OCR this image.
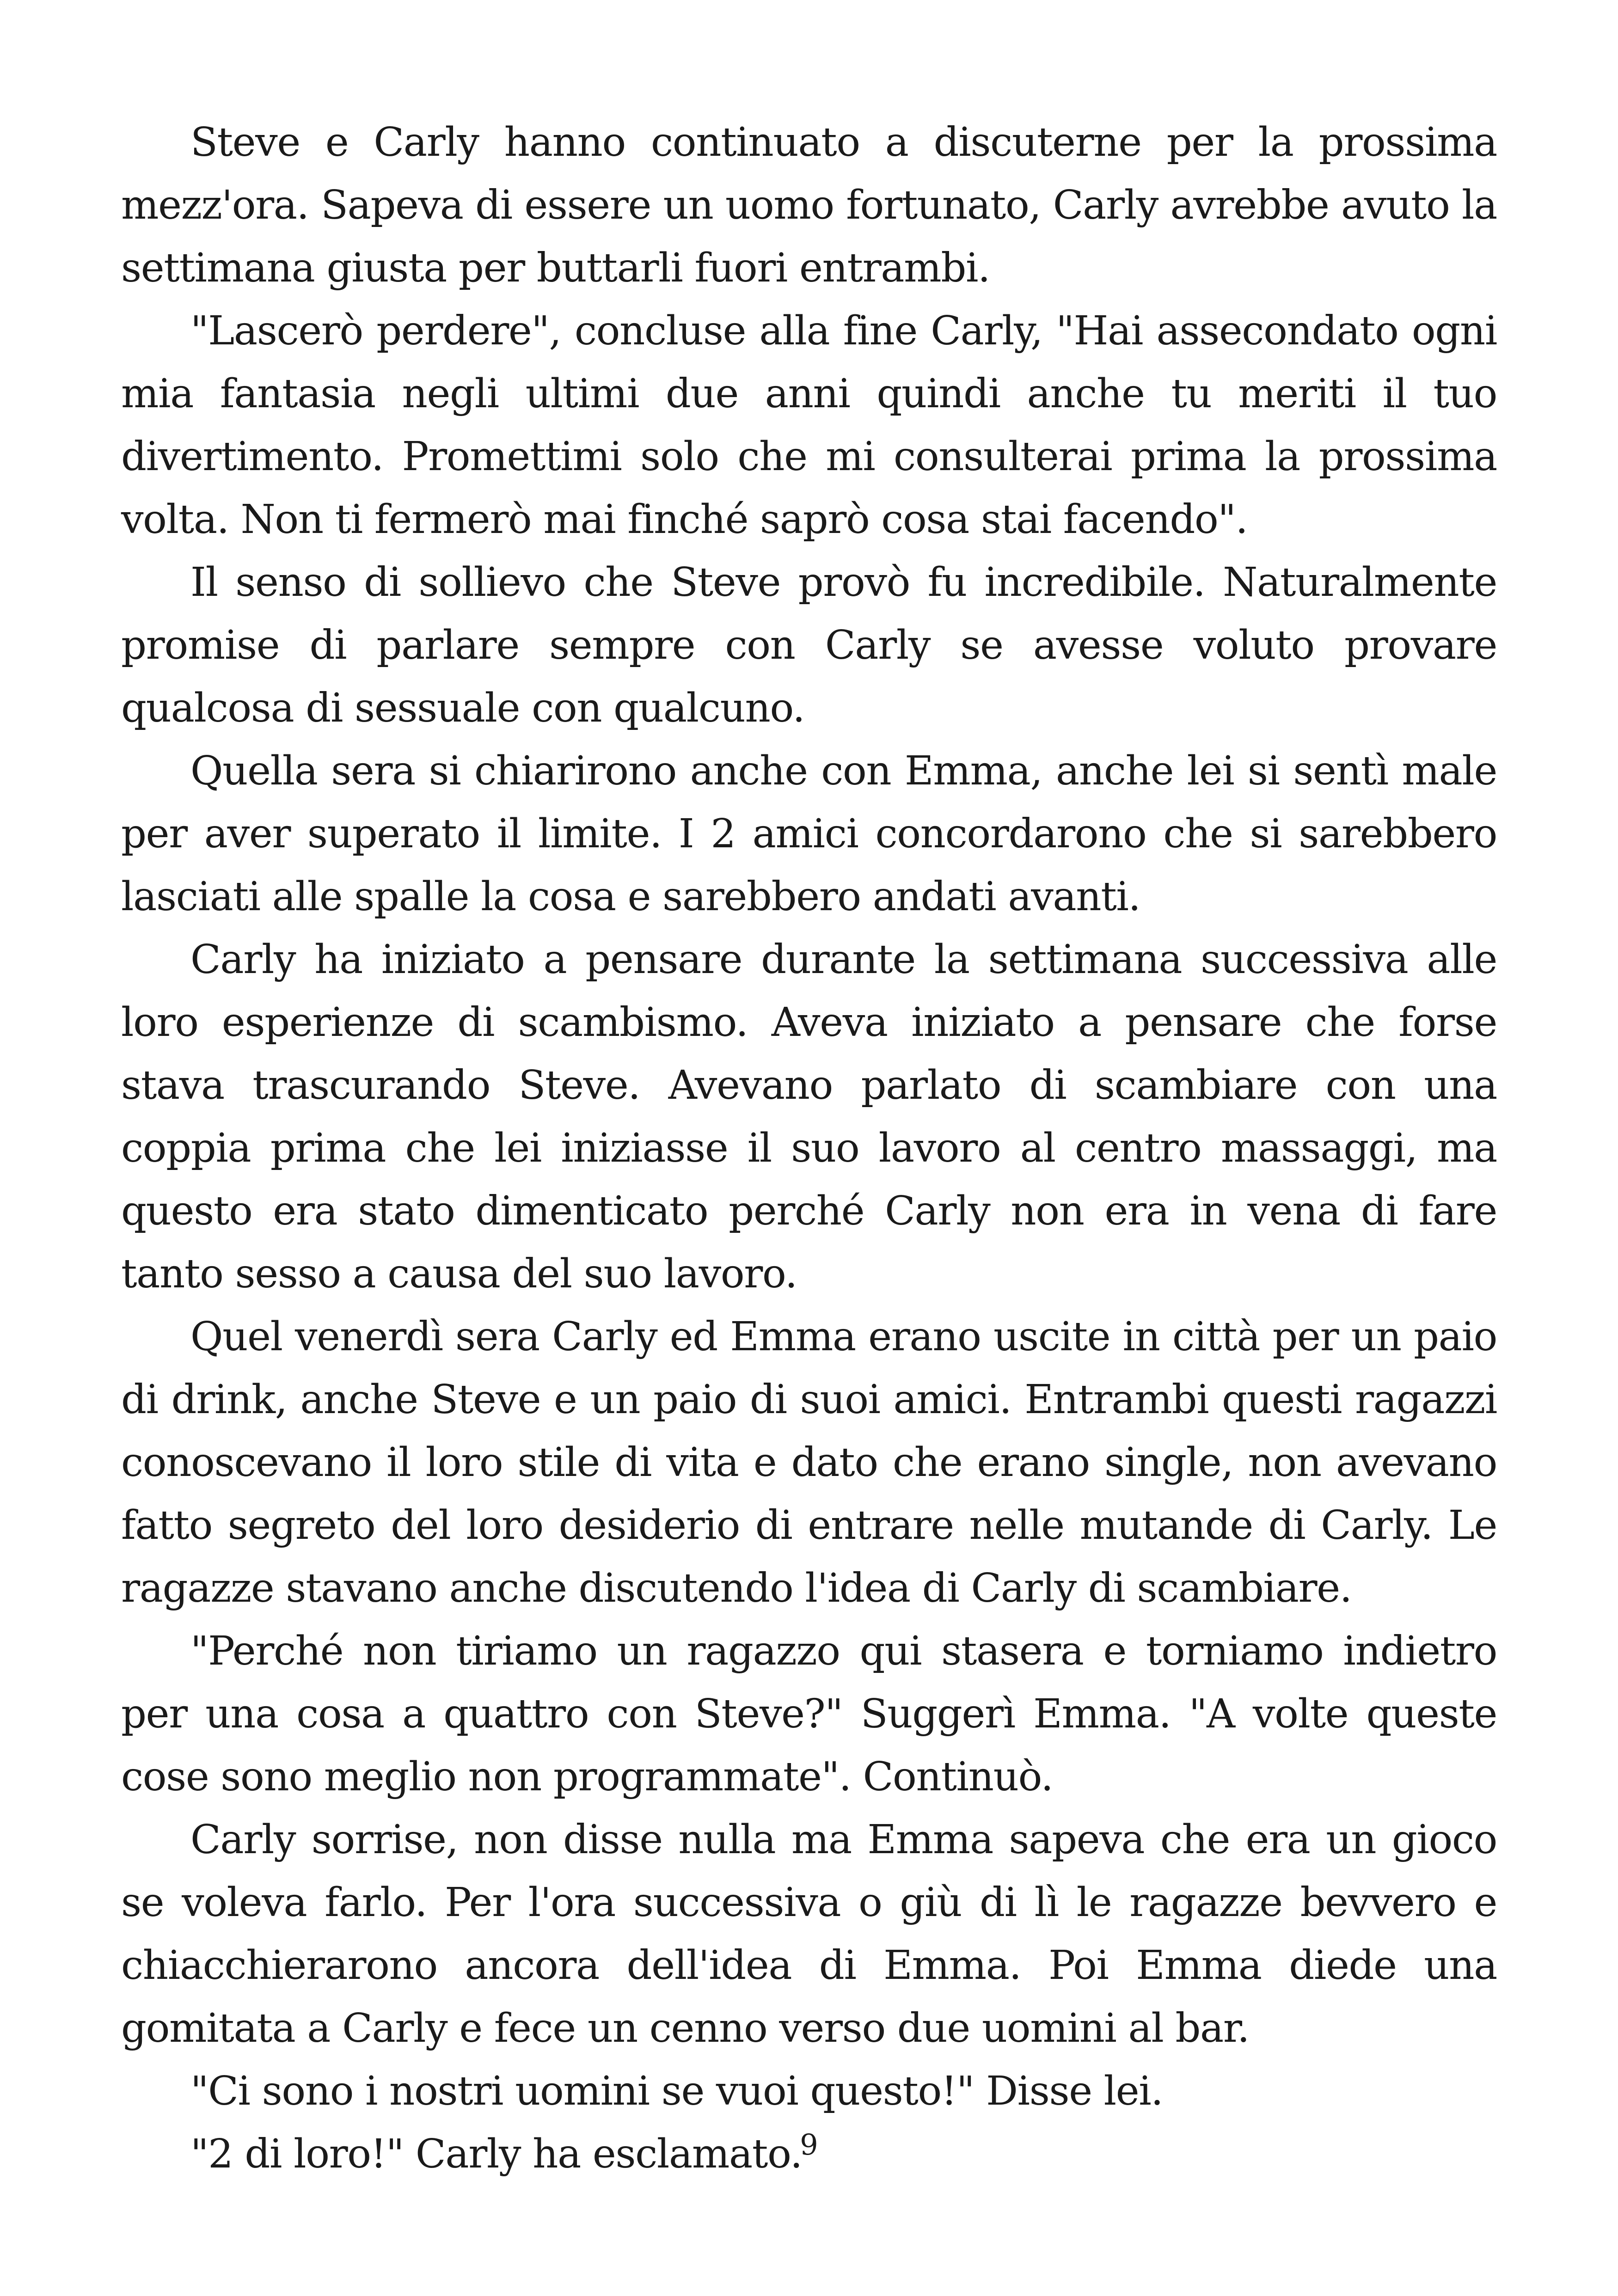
Steve e Carly hanno continuato a discuterne per la prossima mezz'ora. Sapeva di essere un uomo fortunato, Carly avrebbe avuto la settimana giusta per buttarli fuori entrambi.

"Lascerò perdere", concluse alla fine Carly, "Hai assecondato ogni mia fantasia negli ultimi due anni quindi anche tu meriti il tuo divertimento. Promettimi solo che mi consulterai prima la prossima volta. Non ti fermerò mai finché saprò cosa stai facendo".

Il senso di sollievo che Steve provò fu incredibile. Naturalmente promise di parlare sempre con Carly se avesse voluto provare qualcosa di sessuale con qualcuno.

Quella sera si chiarirono anche con Emma, anche lei si sentì male per aver superato il limite. I 2 amici concordarono che si sarebbero lasciati alle spalle la cosa e sarebbero andati avanti.

Carly ha iniziato a pensare durante la settimana successiva alle loro esperienze di scambismo. Aveva iniziato a pensare che forse stava trascurando Steve. Avevano parlato di scambiare con una coppia prima che lei iniziasse il suo lavoro al centro massaggi, ma questo era stato dimenticato perché Carly non era in vena di fare tanto sesso a causa del suo lavoro.

Quel venerdì sera Carly ed Emma erano uscite in città per un paio di drink, anche Steve e un paio di suoi amici. Entrambi questi ragazzi conoscevano il loro stile di vita e dato che erano single, non avevano fatto segreto del loro desiderio di entrare nelle mutande di Carly. Le ragazze stavano anche discutendo l'idea di Carly di scambiare.

"Perché non tiriamo un ragazzo qui stasera e torniamo indietro per una cosa a quattro con Steve?" Suggerì Emma. "A volte queste cose sono meglio non programmate". Continuò.

Carly sorrise, non disse nulla ma Emma sapeva che era un gioco se voleva farlo. Per l'ora successiva o giù di lì le ragazze bevvero e chiacchierarono ancora dell'idea di Emma. Poi Emma diede una gomitata a Carly e fece un cenno verso due uomini al bar.

"Ci sono i nostri uomini se vuoi questo!" Disse lei.

"2 di loro!" Carly ha esclamato.

9
